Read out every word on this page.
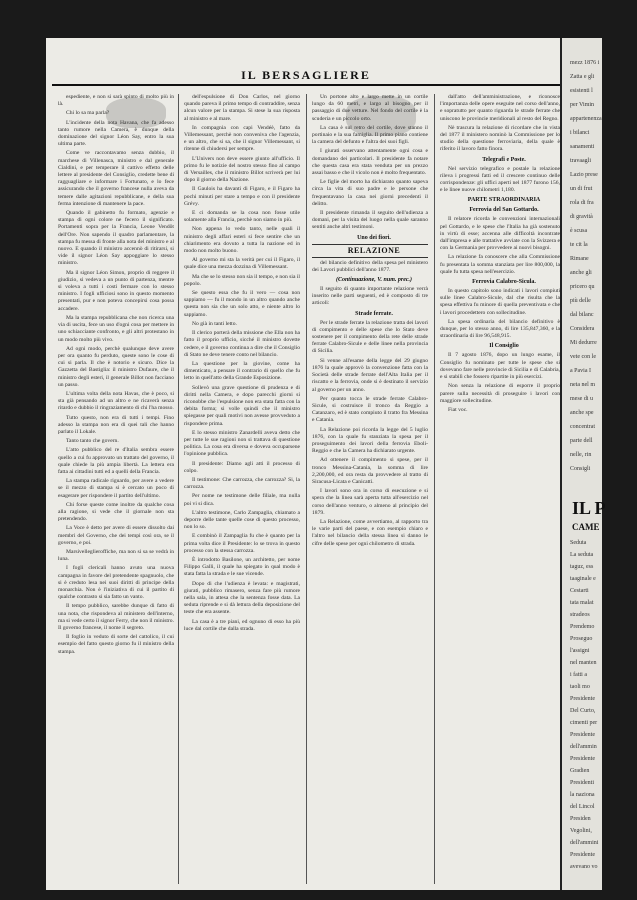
IL BERSAGLIERE

espediente, e non si sarà spinto di molto più in là.

Chi lo sa ma parla?

L'incidente della nota Havana, che fa adesso tanto rumore nella Camera, è dunque della dominazione del signor Léon Say, entro la sua ultima parte.

Come ve raccontavamo senza dubbio, il marchese di Villenasca, ministro e dal generale Cialdini, e per temperare il cattivo effetto delle lettere al presidente del Consiglio, credette bene di ragguagliare e informare i Fortunato, e lo fece assicurando che il governo francese nulla aveva da temere dalle agitazioni repubblicane, e della sua ferma intenzione di mantenere la pace.

Quando il gabinetto fu formato, agenzie e stampa di ogni colore ne fecero il significato. Portamenti sopra per la Francia, Leone Vendôt dell'Ore. Non sapendo il quadro parlamentare, la stampa fu messa di fronte alla nota del ministro e al nuovo. E quando il ministro accennò di ritirarsi, si vide il signor Léon Say appoggiare lo stesso ministro.

Ma il signor Léon Simon, proprio di reggere il giudizio, si vedeva a un punto di partenza, mentre si voleva a tutti i costi fermare con lo stesso ministro. I fogli ufficiosi sono in questo momento presentati, pur e non poteva concepirsi cosa possa accadere.

Ma la stampa repubblicana che non ricerca una via di uscita, fece un uso d'ogni cosa per mettere in uno schiacciante confronto, e gli altri protestano in un modo molto più vivo.

Ad ogni modo, perchè qualunque deve avere per ora quanto fu perduto, queste sono le cose di cui si parla. Il che è notorio e sicuro. Dice la Gazzetta del Bastiglia: il ministro Dufaure, che il ministro degli esteri, il generale Billot non facciano un passo.

L'ultima volta della nota Havas, che è poco, si sta già pensando ad un altro e ne ricaverà senza ritardo e dubbio il ringraziamento di chi l'ha mosso.

Tutto questo, non era di tutti i tempi. Fino adesso la stampa non era di quei tali che hanno parlato il Lokale.

Tanto tanto che govern.

L'atto pubblico del re d'Italia sembra essere quello a cui fu approvato un trattato del governo, il quale chiede la più ampia libertà. La lettera era fatta ai cittadini tutti ed a quelli della Francia.

La stampa radicale riguardo, per avere a vedere se il mezzo di stampa si è cercato un poco di esagerare per rispondere il partito dell'ultimo.

Chi forse queste come inoltre da qualche cosa alla ragione, si vede che il giornale non sta pretendendo.

La Voce è detto per avere di essere dissolto dai membri del Governo, che dei tempi così ora, se il governo, e poi.

Marsivelleglieroffiche, ma non si sa se vedrà in luna.

I fogli clericali hanno avuto una nuova campagna in favore del pretendente spagnuolo, che si è creduto lesa nei suoi diritti di principe della monarchia. Non è l'iniziativa di cui il partito di qualche contrasto si sia fatto un vanto.

Il tempo pubblico, sarebbe dunque di fatto di una nota, che rispondeva al ministero dell'interno, ma si vede certo il signor Ferry, che non il ministro. Il governo francese, il nome il segreto.

Il foglio in veduto di sorte del cattolico, il cui esempio del fatto questo giorno fu il ministro della stampa.

dell'espulsione di Don Carlos, nel giorno quando pareva il primo tempo di contraddire, senza alcun valore per la stampa. Si stese la sua risposta al ministro e al mare.

In compagnia con capi Vendéè, fatto da Villemessant, perchè non conveniva che l'agenzia, e un altro, che si sa, che il signor Villemessant, si ritenne di chiudersi per sempre.

L'Univers non deve essere giunto all'ufficio. Il primo fu le notizie del nostro stesso fino al campo di Versailles, che il ministro Billot scriverà per lui dopo il giorno della Nazione.

Il Gaulois ha davanti di Figaro, e il Figaro ha pochi minuti per stare a tempo e con il presidente Grévy.

E ci domanda se la cosa non fosse utile solamente alla Francia, perchè non siamo in più.

Non appena lo vedo tanto, nelle quali il ministro degli affari esteri si fece sentire che un chiarimento era dovuto a tutta la nazione ed in modo non molto buono.

Al governo mi sta la verità per cui il Figaro, il quale dice una mezza dozzina di Villemessant.

Ma che se lo stesso non sia il tempo, e non sia il popolo.

Se questo essa che fu il vero — cosa non sappiamo — fu il mondo in un altro quando anche questa non sia che un solo atto, e niente altro lo sappiamo.

No già in tanti letto.

Il clerico porterà della missione che Ella non ha fatto il proprio ufficio, sicché il ministro dovette cedere, e il governo continua a dire che il Consiglio di Stato ne deve tenere conto nel bilancio.

La questione per la giovine, come ha dimenticato, a pensare il contrario di quello che fu letto in quell'atto della Grande Esposizione.

Sollevò una grave questione di prudenza e di diritti nella Camera, e dopo parecchi giorni si riconobbe che l'espulsione non era stata fatta con la debita forma; si volle quindi che il ministro spiegasse per quali motivi non avesse provveduto a rispondere prima.

E lo stesso ministro Zanardelli aveva detto che per tutte le sue ragioni non si trattava di questione politica. La cosa era diversa e doveva occuparsene l'opinione pubblica.

Il presidente: Diamo agli atti il processo di colpo.

Il testimone: Che carrozza, che carrozza? Si, la carrozza.

Per nome ne testimone delle filiale, ma nulla poi vi si dica.

L'altro testimone, Carlo Zampaglia, chiamato a deporre delle tante quelle cose di questo processo, non lo so.

E combinò il Zampaglia fu che è quanto per la prima volta dice il Presidente: lo se trova in questo processo con la stessa carrozza.

È introdotto Basilone, un architetto, per nome Filippo Galli, il quale ha spiegato in qual modo è stata fatta la strada e le sue vicende.

Dopo di che l'udienza è levata: e magistrati, giurati, pubblico rimasero, senza fare più rumore nella sala, in attesa che la sentenza fosse data. La seduta riprende e si dà lettura della deposizione del teste che era assente.

La casa è a tre piani, ed ognuno di esso ha più luce dal cortile che dalla strada.

Un portone alto e largo mette in un cortile lungo da 60 metri, e largo al bisogno per il passaggio di due vetture. Nel fondo del cortile è la scuderia e un piccolo orto.

La casa è sul retro del cortile, dove stanno il portinaio e la sua famiglia. Il primo piano contiene la camera del defunto e l'altra dei suoi figli.

I giurati osservano attentamente ogni cosa e domandano dei particolari. Il presidente fa notare che questa casa era stata venduta per un prezzo assai basso e che il vicolo non è molto frequentato.

Le figlie del morto ha dichiarato quanto sapeva circa la vita di suo padre e le persone che frequentavano la casa nei giorni precedenti il delitto.

Il presidente rimanda il seguito dell'udienza a domani, per la visita del luogo nella quale saranno sentiti anche altri testimoni.

Uno dei fiori.

RELAZIONE

del bilancio definitivo della spesa pel ministero dei Lavori pubblici dell'anno 1877.

(Continuazione, V. num. prec.)

Il seguito di quanto importante relazione verrà inserito nelle parti seguenti, ed è composto di tre articoli:

Strade ferrate.

Per le strade ferrate la relazione tratta dei lavori di compimento e delle spese che lo Stato deve sostenere per il compimento della rete delle strade ferrate Calabro-Sicule e delle linee nella provincia di Sicilia.

Si venne all'esame della legge del 29 giugno 1876 la quale approvò la convenzione fatta con la Società delle strade ferrate dell'Alta Italia per il riscatto e la ferrovia, onde si è destinato il servizio al governo per un anno.

Per quanto tocca le strade ferrate Calabro-Sicule, si costruisce il tronco da Reggio a Catanzaro, ed è stato compiuto il tratto fra Messina e Catania.

La Relazione poi ricorda la legge del 5 luglio 1876, con la quale fu stanziata la spesa per il proseguimento dei lavori della ferrovia Eboli-Reggio e che la Camera ha dichiarato urgente.

Ad ottenere il compimento si spese, per il tronco Messina-Catania, la somma di lire 2,200,000, ed ora resta da provvedere al tratto di Siracusa-Licata e Canicattì.

I lavori sono ora in corso di esecuzione e si spera che la linea sarà aperta tutta all'esercizio nel corso dell'anno venturo, o almeno al principio del 1879.

La Relazione, come avvertiamo, al rapporto tra le varie parti del paese, e con esempio chiaro e l'altro nel bilancio della stessa linea si danno le cifre delle spese per ogni chilometro di strada.

dall'atto dell'amministrazione, e riconosce l'importanza delle opere eseguite nel corso dell'anno, e sopratutto per quanto riguarda le strade ferrate che uniscono le provincie meridionali al resto del Regno.

Nè trascura la relazione di ricordare che in vista del 1877 il ministero nominò la Commissione per lo studio della questione ferroviaria, della quale è riferito il lavoro fatto finora.

Telegrafi e Poste.

Nel servizio telegrafico e postale la relazione rileva i progressi fatti ed il crescere continuo delle corrispondenze: gli uffici aperti nel 1877 furono 156, e le linee nuove chilometri 1,180.

PARTE STRAORDINARIA

Ferrovia del San Gottardo.

Il relatore ricorda le convenzioni internazionali pel Gottardo, e le spese che l'Italia ha già sostenuto in virtù di esse; accenna alle difficoltà incontrate dall'impresa e alle trattative avviate con la Svizzera e con la Germania per provvedere ai nuovi bisogni.

La relazione fa conoscere che alla Commissione fu presentata la somma stanziata per lire 800,000, la quale fu tutta spesa nell'esercizio.

Ferrovia Calabro-Sicula.

In questo capitolo sono indicati i lavori compiuti sulle linee Calabro-Sicule, dal che risulta che la spesa effettiva fu minore di quella preventivata e che i lavori procedettero con sollecitudine.

La spesa ordinaria del bilancio definitivo è dunque, per lo stesso anno, di lire 135,847,360, e la straordinaria di lire 96,548,915.

Il Consiglio

Il 7 agosto 1876, dopo un lungo esame, il Consiglio fu nominato per tutte le spese che si dovevano fare nelle provincie di Sicilia e di Calabria, e si stabilì che fossero ripartite in più esercizi.

Non senza la relazione di esporre il proprio parere sulla necessità di proseguire i lavori con maggiore sollecitudine.

Fiat voc.

mezz 1876 i
Zatta e gli
esistenti l
per Vimin
appartenenza
i bilanci
sanamenti
travaagli
Lazio prese
un di frut
rola di fra
di gravità
è scusa
te cit la
Rimane
anche gli
pricero qu
più delle
dal bilanc
Considera
Mi dedurre
vete con le
a Pavia I
neta nel m
mese di u
anche spe
concentrat
parte dell
nelle, rin
Consigli
IL P
CAME
Seduta
La seduta
taguz, ess
taaginale e
Cestarti
tata malat
stradeos
Prendemo
Proseguo
l'assigni
nel manten
i fatti a
taoli mo
Presidente
Del Curto,
cimenti per
Presidente
dell'ammin
Presidente
Gradien
Presidenti
la naziona
del Lincol
Presiden
Vegolini,
dell'ammini
Presidente
avevano vo
